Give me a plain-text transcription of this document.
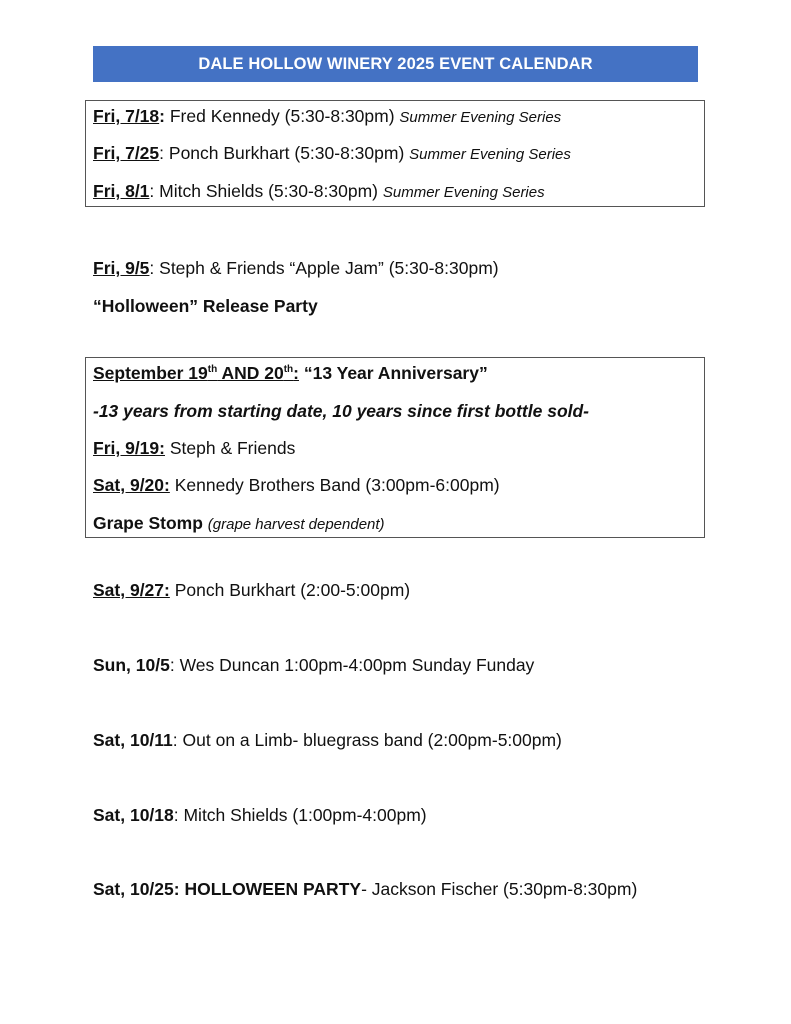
DALE HOLLOW WINERY 2025 EVENT CALENDAR
Fri, 7/18: Fred Kennedy (5:30-8:30pm) Summer Evening Series
Fri, 7/25: Ponch Burkhart (5:30-8:30pm) Summer Evening Series
Fri, 8/1: Mitch Shields (5:30-8:30pm) Summer Evening Series
Fri, 9/5: Steph & Friends “Apple Jam” (5:30-8:30pm)
“Holloween” Release Party
September 19th AND 20th: “13 Year Anniversary”
-13 years from starting date, 10 years since first bottle sold-
Fri, 9/19: Steph & Friends
Sat, 9/20: Kennedy Brothers Band (3:00pm-6:00pm)
Grape Stomp (grape harvest dependent)
Sat, 9/27: Ponch Burkhart (2:00-5:00pm)
Sun, 10/5: Wes Duncan 1:00pm-4:00pm Sunday Funday
Sat, 10/11: Out on a Limb- bluegrass band (2:00pm-5:00pm)
Sat, 10/18: Mitch Shields (1:00pm-4:00pm)
Sat, 10/25: HOLLOWEEN PARTY- Jackson Fischer (5:30pm-8:30pm)
